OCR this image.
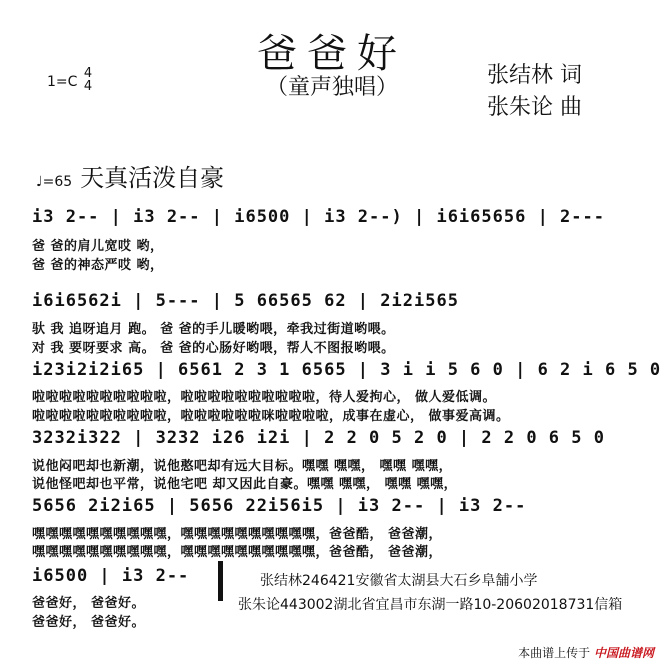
爸爸好
（童声独唱）
1=C
4
4	张结林 词
张朱论 曲
♩=65 天真活泼自豪
i3 2-- | i3 2-- | i6500 | i3 2--) | i6i65656 | 2---
爸 爸的肩儿宽哎 哟，
爸 爸的神态严哎 哟，
i6i6562i | 5--- | 5 66565 62 | 2i2i565
驮 我 追呀追月 跑。 爸 爸的手儿暖哟喂，牵我过街道哟喂。
对 我 要呀要求 高。 爸 爸的心肠好哟喂，帮人不图报哟喂。
i23i2i2i65 | 6561 2 3 1 6565 | 3 i i 5 6 0 | 6 2 i 6 5 0
啦啦啦啦啦啦啦啦啦啦，啦啦啦啦啦啦啦啦啦啦，待人爱拘心， 做人爱低调。
啦啦啦啦啦啦啦啦啦啦，啦啦啦啦啦啦咪啦啦啦啦，成事在虚心， 做事爱高调。
3232i322 | 3232 i26 i2i | 2 2 0 5 2 0 | 2 2 0 6 5 0
说他闷吧却也新潮，说他憨吧却有远大目标。嘿嘿 嘿嘿， 嘿嘿 嘿嘿，
说他怪吧却也平常，说他宅吧 却又因此自豪。嘿嘿 嘿嘿， 嘿嘿 嘿嘿，
5656 2i2i65 | 5656 22i56i5 | i3 2-- | i3 2--
嘿嘿嘿嘿嘿嘿嘿嘿嘿嘿，嘿嘿嘿嘿嘿嘿嘿嘿嘿嘿，爸爸酷， 爸爸潮，
嘿嘿嘿嘿嘿嘿嘿嘿嘿嘿，嘿嘿嘿嘿嘿嘿嘿嘿嘿嘿，爸爸酷， 爸爸潮，
i6500 | i3 2--
爸爸好， 爸爸好。
爸爸好， 爸爸好。
张结林246421安徽省太湖县大石乡阜舗小学
张朱论443002湖北省宜昌市东湖一路10-20602018731信箱
本曲谱上传于 中国曲谱网
